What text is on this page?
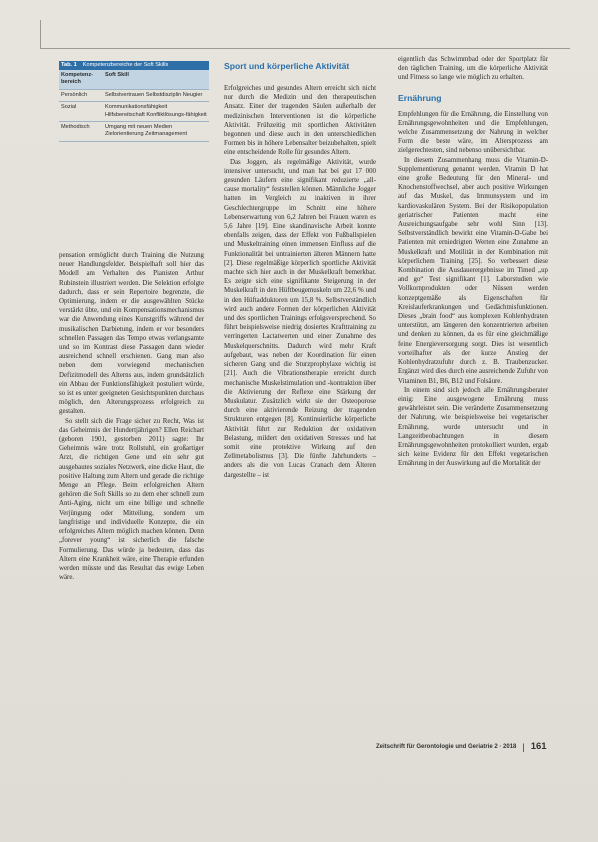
Tab. 1 Kompetenzbereiche der Soft Skills
Kompetenz-bereich
Soft Skill
Persönlich	Selbstvertrauen Selbstdisziplin Neugier
Sozial	Kommunikationsfähigkeit Hilfsbereitschaft Konfliktlösungs-fähigkeit
Methodisch	Umgang mit neuen Medien Zielorientierung Zeitmanagement

pensation ermöglicht durch Training die Nutzung neuer Handlungsfelder. Beispielhaft soll hier das Modell am Verhalten des Pianisten Arthur Rubinstein illustriert werden. Die Selektion erfolgte dadurch, dass er sein Repertoire begrenzte, die Optimierung, indem er die ausgewählten Stücke verstärkt übte, und ein Kompensationsmechanismus war die Anwendung eines Kunstgriffs während der musikalischen Darbietung, indem er vor besonders schnellen Passagen das Tempo etwas verlangsamte und so im Kontrast diese Passagen dann wieder ausreichend schnell erschienen. Gang man also neben dem vorwiegend mechanischen Defizitmodell des Alterns aus, indem grundsätzlich ein Abbau der Funktionsfähigkeit postuliert würde, so ist es unter geeigneten Gesichtspunkten durchaus möglich, den Alterungsprozess erfolgreich zu gestalten.

So stellt sich die Frage sicher zu Recht, Was ist das Geheimnis der Hundertjährigen? Ellen Reichart (geboren 1901, gestorben 2011) sagte: Ihr Geheimnis wäre trotz Rollstuhl, ein großartiger Arzt, die richtigen Gene und ein sehr gut ausgebautes soziales Netzwerk, eine dicke Haut, die positive Haltung zum Altern und gerade die richtige Menge an Pflege. Beim erfolgreichen Altern gehören die Soft Skills so zu dem eher schnell zum Anti-Aging, nicht um eine billige und schnelle Verjüngung oder Mitteilung, sondern um langfristige und individuelle Konzepte, die ein erfolgreiches Altern möglich machen können. Denn „forever young“ ist sicherlich die falsche Formulierung. Das würde ja bedeuten, dass das Altern eine Krankheit wäre, eine Therapie erfunden werden müsste und das Resultat das ewige Leben wäre.

Sport und körperliche Aktivität

Erfolgreiches und gesundes Altern erreicht sich nicht nur durch die Medizin und den therapeutischen Ansatz. Einer der tragenden Säulen außerhalb der medizinischen Interventionen ist die körperliche Aktivität. Frühzeitig mit sportlichen Aktivitäten begonnen und diese auch in den unterschiedlichen Formen bis in höhere Lebensalter beizubehalten, spielt eine entscheidende Rolle für gesundes Altern.

Das Joggen, als regelmäßige Aktivität, wurde intensiver untersucht, und man hat bei gut 17 000 gesunden Läufern eine signifikant reduzierte „all-cause mortality“ feststellen können. Männliche Jogger hatten im Vergleich zu inaktiven in ihrer Geschlechtergruppe im Schnitt eine höhere Lebenserwartung von 6,2 Jahren bei Frauen waren es 5,6 Jahre [19]. Eine skandinavische Arbeit konnte ebenfalls zeigen, dass der Effekt von Fußballspielen und Muskeltraining einen immensen Einfluss auf die Funktionalität bei untrainierten älteren Männern hatte [2]. Diese regelmäßige körperlich sportliche Aktivität machte sich hier auch in der Muskelkraft bemerkbar. Es zeigte sich eine signifikante Steigerung in der Muskelkraft in den Hüftbeugemuskeln um 22,6 % und in den Hüftadduktoren um 15,8 %. Selbstverständlich wird auch andere Formen der körperlichen Aktivität und des sportlichen Trainings erfolgsversprechend. So führt beispielsweise niedrig dosiertes Krafttraining zu verringerten Lactatwerten und einer Zunahme des Muskelquerschnitts. Dadurch wird mehr Kraft aufgebaut, was neben der Koordination für einen sicheren Gang und die Sturzprophylaxe wichtig ist [21]. Auch die Vibrationstherapie erreicht durch mechanische Muskelstimulation und -kontraktion über die Aktivierung der Reflexe eine Stärkung der Muskulatur. Zusätzlich wirkt sie der Osteoporose durch eine aktivierende Reizung der tragenden Strukturen entgegen [8]. Kontinuierliche körperliche Aktivität führt zur Reduktion der oxidativen Belastung, mildert den oxidativen Stresses und hat somit eine protektive Wirkung auf den Zellmetabolismus [3]. Die fünfte Jahrhunderts – anders als die von Lucas Cranach dem Älteren dargestellte – ist

eigentlich das Schwimmbad oder der Sportplatz für den täglichen Training, um die körperliche Aktivität und Fitness so lange wie möglich zu erhalten.

Ernährung

Empfehlungen für die Ernährung, die Einstellung von Ernährungsgewohnheiten und die Empfehlungen, welche Zusammensetzung der Nahrung in welcher Form die beste wäre, im Altersprozess am zielgerechtesten, sind nebenso unübersichtbar.

In diesem Zusammenhang muss die Vitamin-D-Supplementierung genannt werden. Vitamin D hat eine große Bedeutung für den Mineral- und Knochenstoffwechsel, aber auch positive Wirkungen auf das Muskel, das Immunsystem und im kardiovaskulären System. Bei der Risikopopulation geriatrischer Patienten macht eine Ausreichungsaufgabe sehr wohl Sinn [13]. Selbstverständlich bewirkt eine Vitamin-D-Gabe bei Patienten mit erniedrigten Werten eine Zunahme an Muskelkraft und Motilität in der Kombination mit körperlichem Training [25]. So verbessert diese Kombination die Ausdauerergebnisse im Timed „up and go“ Test signifikant [1]. Laborstudien wie Vollkornprodukten oder Nüssen werden konzeptgemäße als Eigenschaften für Kreislauferkrankungen und Gedächtnisfunktionen. Dieses „brain food“ aus komplexen Kohlenhydraten unterstützt, am längeren den konzentrierten arbeiten und denken zu können, da es für eine gleichmäßige feine Energieversorgung sorgt. Dies ist wesentlich vorteilhafter als der kurze Anstieg der Kohlenhydratzufuhr durch z. B. Traubenzucker. Ergänzt wird dies durch eine ausreichende Zufuhr von Vitaminen B1, B6, B12 und Folsäure.

In einem sind sich jedoch alle Ernährungsberater einig: Eine ausgewogene Ernährung muss gewährleistet sein. Die veränderte Zusammensetzung der Nahrung, wie beispielsweise bei vegetarischer Ernährung, wurde untersucht und in Langzeitbeobachtungen in diesem Ernährungsgewohnheiten protokolliert wurden, ergab sich keine Evidenz für den Effekt vegetarischen Ernährung in der Auswirkung auf die Mortalität der

Zeitschrift für Gerontologie und Geriatrie 2 · 2018 | 161
